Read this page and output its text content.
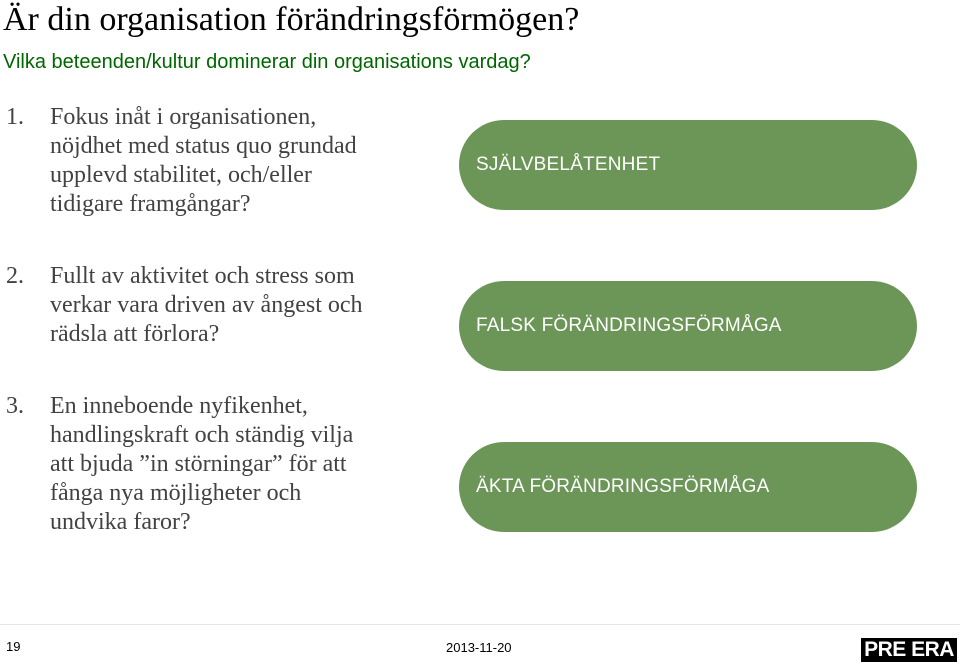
Är din organisation förändringsförmögen?
Vilka beteenden/kultur dominerar din organisations vardag?
1. Fokus inåt i organisationen,
nöjdhet med status quo grundad
upplevd stabilitet, och/eller
tidigare framgångar?
SJÄLVBELÅTENHET
2. Fullt av aktivitet och stress som
verkar vara driven av ångest och
rädsla att förlora?	FALSK FÖRÄNDRINGSFÖRMÅGA
3. En inneboende nyfikenhet,
handlingskraft och ständig vilja
att bjuda ”in störningar” för att
fånga nya möjligheter och
undvika faror?
ÄKTA FÖRÄNDRINGSFÖRMÅGA
19	2013-11-20	PRE ERA
